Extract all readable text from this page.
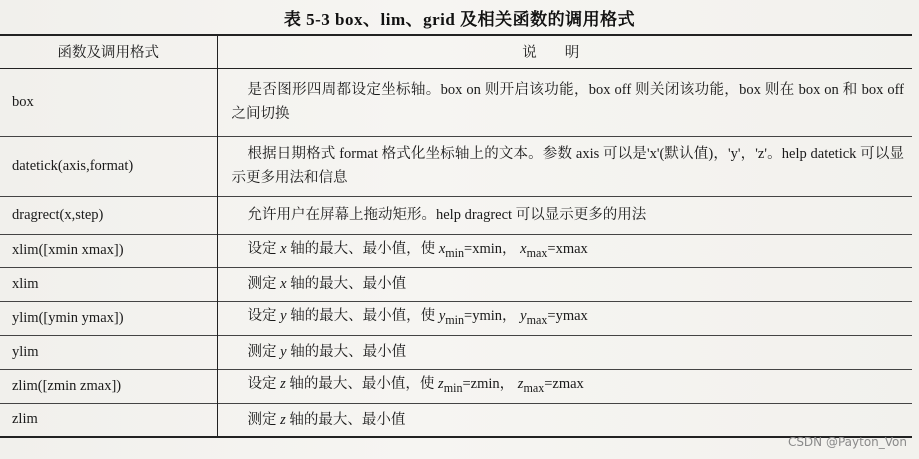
表 5-3 box、lim、grid 及相关函数的调用格式
函数及调用格式	说明
box	是否图形四周都设定坐标轴。box on 则开启该功能，box off 则关闭该功能，box 则在 box on 和 box off 之间切换

datetick(axis,format)	根据日期格式 format 格式化坐标轴上的文本。参数 axis 可以是'x'(默认值)，'y'，'z'。help datetick 可以显示更多用法和信息

dragrect(x,step)	允许用户在屏幕上拖动矩形。help dragrect 可以显示更多的用法

xlim([xmin xmax])	设定 x 轴的最大、最小值，使 $x_{min}=xmin$， $x_{max}=xmax$

xlim	测定 x 轴的最大、最小值

ylim([ymin ymax])	设定 y 轴的最大、最小值，使 $y_{min}=ymin$， $y_{max}=ymax$

ylim	测定 y 轴的最大、最小值

zlim([zmin zmax])	设定 z 轴的最大、最小值，使 $z_{min}=zmin$， $z_{max}=zmax$

zlim	测定 z 轴的最大、最小值

CSDN @Payton_Von
